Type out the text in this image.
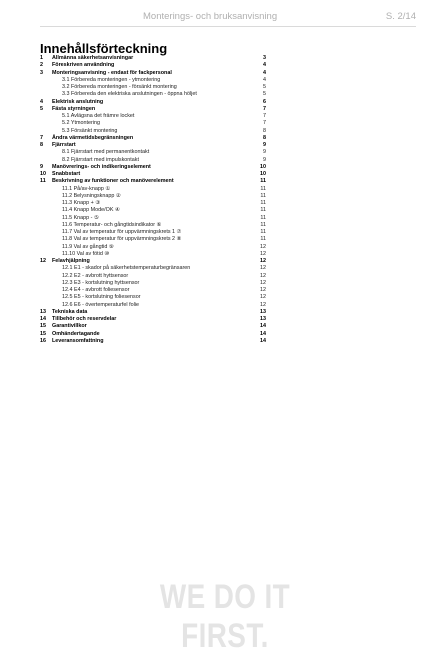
Monterings- och bruksanvisning	S. 2/14
Innehållsförteckning
1	Allmänna säkerhetsanvisningar	3
2	Föreskriven användning	4
3	Monteringsanvisning - endast för fackpersonal	4
3.1 Förbereda monteringen - ytmontering	4
3.2 Förbereda monteringen - försänkt montering	5
3.3 Förbereda den elektriska anslutningen - öppna höljet	5
4	Elektrisk anslutning	6
5	Fästa styrningen	7
5.1 Avlägsna det främre locket	7
5.2 Ytmontering	7
5.3 Försänkt montering	8
7	Ändra värmetidsbegränsningen	8
8	Fjärrstart	9
8.1 Fjärrstart med permanentkontakt	9
8.2 Fjärrstart med impulskontakt	9
9	Manövrerings- och indikeringselement	10
10	Snabbstart	10
11	Beskrivning av funktioner och manöverelement	11
11.1 På/av-knapp ①	11
11.2 Belysningsknapp ②	11
11.3 Knapp + ③	11
11.4 Knapp Mode/OK ④	11
11.5 Knapp - ⑤	11
11.6 Temperatur- och gångtidsindikator ⑥	11
11.7 Val av temperatur för uppvärmningskrets 1 ⑦	11
11.8 Val av temperatur för uppvärmningskrets 2 ⑧	11
11.9 Val av gångtid ⑨	12
11.10 Val av fötid ⑩	12
12	Felavhjälpning	12
12.1 E1 - skador på säkerhetstemperaturbegränsaren	12
12.2 E2 - avbrott hyttsensor	12
12.3 E3 - kortslutning hyttsensor	12
12.4 E4 - avbrott foliesensor	12
12.5 E5 - kortslutning foliesensor	12
12.6 E6 - övertemperaturfel folie	12
13	Tekniska data	13
14	Tillbehör och reservdelar	13
15	Garantivillkor	14
15	Omhändertagande	14
16	Leveransomfattning	14
WE DO IT FIRST.
